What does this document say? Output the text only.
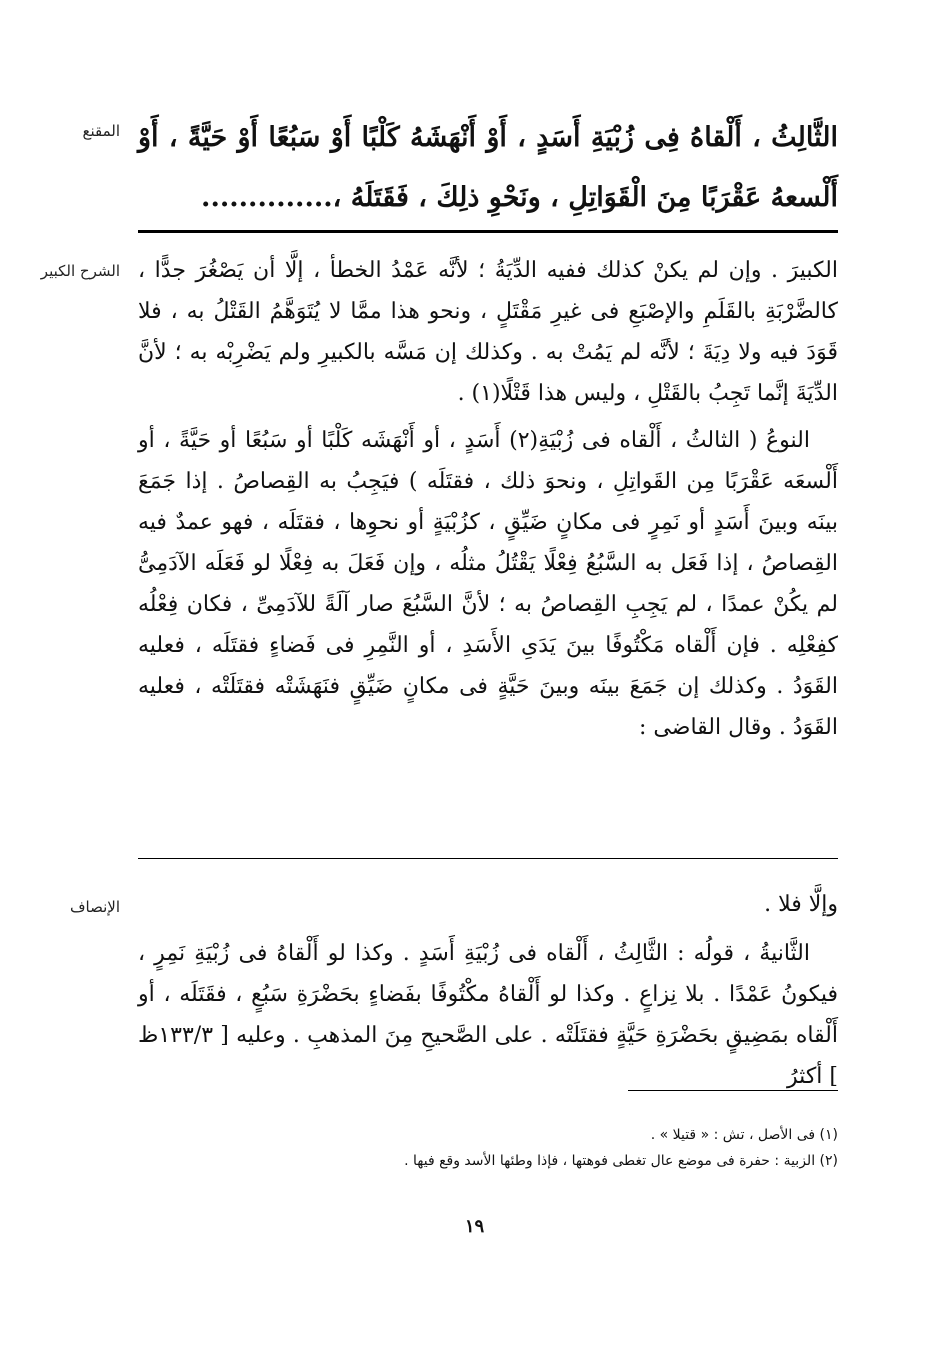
المقنع الثَّالِثُ ، أَلْقاهُ فِى زُبْيَةِ أَسَدٍ ، أَوْ أَنْهَشَهُ كَلْبًا أَوْ سَبُعًا أَوْ حَيَّةً ، أَوْ أَلْسعهُ عَقْرَبًا مِنَ الْقَوَاتِلِ ، ونَحْوِ ذلِكَ ، فَقَتَلَهُ ،..............

الشرح الكبير الكبيرَ . وإن لم يكنْ كذلك ففيه الدِّيَةُ ؛ لأنَّه عَمْدُ الخطأ ، إلَّا أن يَصْغُرَ جدًّا ، كالضَّرْبَةِ بالقَلَمِ والإصْبَعِ فى غيرِ مَقْتَلٍ ، ونحو هذا ممَّا لا يُتَوَهَّمُ القَتْلُ به ، فلا قَوَدَ فيه ولا دِيَةَ ؛ لأنَّه لم يَمُتْ به . وكذلك إن مَسَّه بالكبيرِ ولم يَضْرِبْه به ؛ لأنَّ الدِّيَةَ إنَّما تَجِبُ بالقَتْلِ ، وليس هذا قَتْلًا(١) .

النوعُ ( الثالثُ ، أَلْقاه فى زُبْيَةِ(٢) أَسَدٍ ، أو أَنْهَشَه كَلْبًا أو سَبُعًا أو حَيَّةً ، أو أَلْسعَه عَقْرَبًا مِن القَواتِلِ ، ونحوَ ذلك ، فقتَلَه ) فيَجِبُ به القِصاصُ . إذا جَمَعَ بينَه وبينَ أَسَدٍ أو نَمِرٍ فى مكانٍ ضَيِّقٍ ، كزُبْيَةٍ أو نحوِها ، فقتَلَه ، فهو عمدٌ فيه القِصاصُ ، إذا فَعَل به السَّبُعُ فِعْلًا يَقْتُلُ مثلُه ، وإن فَعَلَ به فِعْلًا لو فَعَلَه الآدَمِىُّ لم يكُنْ عمدًا ، لم يَجِبِ القِصاصُ به ؛ لأنَّ السَّبُعَ صار آلَةً للآدَمِىِّ ، فكان فِعْلُه كفِعْلِه . فإن أَلْقاه مَكْتُوفًا بينَ يَدَىِ الأَسَدِ ، أو النَّمِرِ فى فَضاءٍ فقتَلَه ، فعليه القَوَدُ . وكذلك إن جَمَعَ بينَه وبينَ حَيَّةٍ فى مكانٍ ضَيِّقٍ فنَهَشَتْه فقتَلَتْه ، فعليه القَوَدُ . وقال القاضى :

الإنصاف	وإلَّا فلا .

الثَّانيةُ ، قولُه : الثَّالِثُ ، أَلْقاه فى زُبْيَةِ أَسَدٍ . وكذا لو أَلْقاهُ فى زُبْيَةِ نَمِرٍ ، فيكونُ عَمْدًا . بلا نِزاعٍ . وكذا لو أَلْقاهُ مكْتُوفًا بفَضاءٍ بحَضْرَةِ سَبُعٍ ، فقَتَلَه ، أو أَلْقاه بمَضِيقٍ بحَضْرَةِ حَيَّةٍ فقتَلَتْه . على الصَّحيحِ مِنَ المذهبِ . وعليه [ ١٣٣/٣ظ ] أكثرُ

(١) فى الأصل ، تش : « قتيلا » .

(٢) الزبية : حفرة فى موضع عال تغطى فوهتها ، فإذا وطئها الأسد وقع فيها .

١٩
